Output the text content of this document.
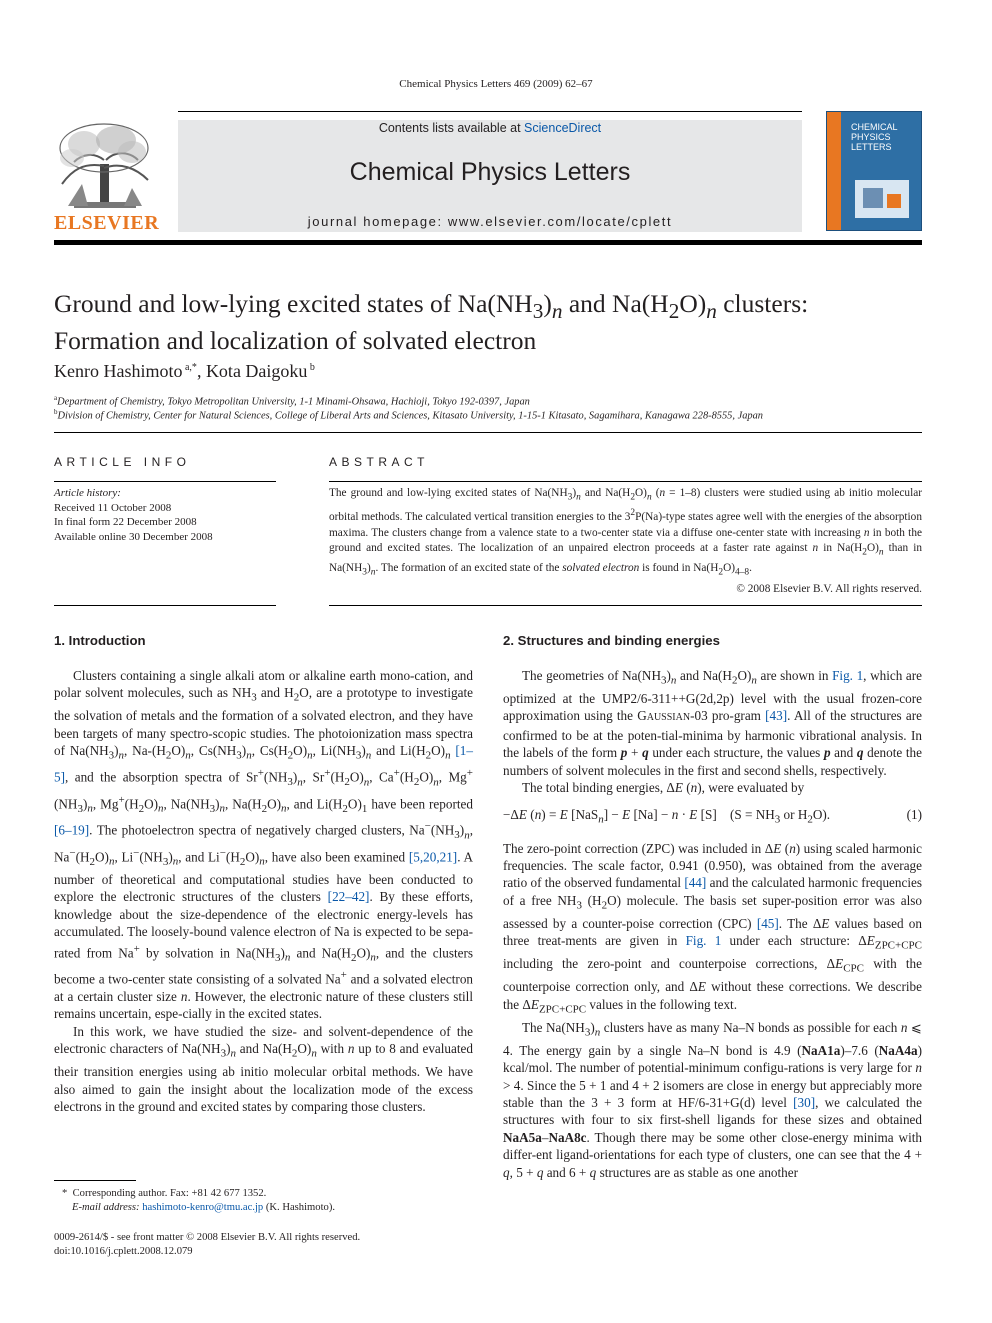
Chemical Physics Letters 469 (2009) 62–67
ELSEVIER
Contents lists available at ScienceDirect
Chemical Physics Letters
journal homepage: www.elsevier.com/locate/cplett
CHEMICAL
PHYSICS
LETTERS
Ground and low-lying excited states of $Na(NH_3)_n$ and $Na(H_2O)_n$ clusters:
Formation and localization of solvated electron
Kenro Hashimoto $^{a,*}$, Kota Daigoku $^b$
$^a$Department of Chemistry, Tokyo Metropolitan University, 1-1 Minami-Ohsawa, Hachioji, Tokyo 192-0397, Japan
$^b$Division of Chemistry, Center for Natural Sciences, College of Liberal Arts and Sciences, Kitasato University, 1-15-1 Kitasato, Sagamihara, Kanagawa 228-8555, Japan
ARTICLE INFO
Article history:
Received 11 October 2008
In final form 22 December 2008
Available online 30 December 2008
ABSTRACT
The ground and low-lying excited states of $Na(NH_3)_n$ and $Na(H_2O)_n$ (n = 1–8) clusters were studied using ab initio molecular orbital methods. The calculated vertical transition energies to the $3^2P(Na)$-type states agree well with the energies of the absorption maxima. The clusters change from a valence state to a two-center state via a diffuse one-center state with increasing n in both the ground and excited states. The localization of an unpaired electron proceeds at a faster rate against n in $Na(H_2O)_n$ than in $Na(NH_3)_n$. The formation of an excited state of the solvated electron is found in $Na(H_2O)_{4-8}$.
© 2008 Elsevier B.V. All rights reserved.
1. Introduction

Clusters containing a single alkali atom or alkaline earth mono-cation, and polar solvent molecules, such as $NH_3$ and $H_2O$, are a prototype to investigate the solvation of metals and the formation of a solvated electron, and they have been targets of many spectro-scopic studies. The photoionization mass spectra of $Na(NH_3)_n$, $Na-(H_2O)_n$, $Cs(NH_3)_n$, $Cs(H_2O)_n$, $Li(NH_3)_n$ and $Li(H_2O)_n$ [1–5], and the absorption spectra of $Sr^+(NH_3)_n$, $Sr^+(H_2O)_n$, $Ca^+(H_2O)_n$, $Mg^+(NH_3)_n$, $Mg^+(H_2O)_n$, $Na(NH_3)_n$, $Na(H_2O)_n$, and $Li(H_2O)_1$ have been reported [6–19]. The photoelectron spectra of negatively charged clusters, $Na^-(NH_3)_n$, $Na^-(H_2O)_n$, $Li^-(NH_3)_n$, and $Li^-(H_2O)_n$, have also been examined [5,20,21]. A number of theoretical and computational studies have been conducted to explore the electronic structures of the clusters [22–42]. By these efforts, knowledge about the size-dependence of the electronic energy-levels has accumulated. The loosely-bound valence electron of Na is expected to be sepa-rated from Na+ by solvation in $Na(NH_3)_n$ and $Na(H_2O)_n$, and the clusters become a two-center state consisting of a solvated Na+ and a solvated electron at a certain cluster size n. However, the electronic nature of these clusters still remains uncertain, espe-cially in the excited states.

In this work, we have studied the size- and solvent-dependence of the electronic characters of $Na(NH_3)_n$ and $Na(H_2O)_n$ with n up to 8 and evaluated their transition energies using ab initio molecular orbital methods. We have also aimed to gain the insight about the localization mode of the excess electrons in the ground and excited states by comparing those clusters.

2. Structures and binding energies

The geometries of $Na(NH_3)_n$ and $Na(H_2O)_n$ are shown in Fig. 1, which are optimized at the UMP2/6-311++G(2d,2p) level with the usual frozen-core approximation using the GAUSSIAN-03 pro-gram [43]. All of the structures are confirmed to be at the poten-tial-minima by harmonic vibrational analysis. In the labels of the form p + q under each structure, the values p and q denote the numbers of solvent molecules in the first and second shells, respectively.

The total binding energies, ΔE (n), were evaluated by

−ΔE (n) = E [NaS$_n$] − E [Na] − n · E [S]    ($S = NH_3$ or $H_2O$).	(1)

The zero-point correction (ZPC) was included in ΔE (n) using scaled harmonic frequencies. The scale factor, 0.941 (0.950), was obtained from the average ratio of the observed fundamental [44] and the calculated harmonic frequencies of a free $NH_3$ $(H_2O)$ molecule. The basis set super-position error was also assessed by a counter-poise correction (CPC) [45]. The ΔE values based on three treat-ments are given in Fig. 1 under each structure: $\Delta E_{ZPC+CPC}$ including the zero-point and counterpoise corrections, $\Delta E_{CPC}$ with the counterpoise correction only, and ΔE without these corrections. We describe the $\Delta E_{ZPC+CPC}$ values in the following text.

The $Na(NH_3)_n$ clusters have as many Na–N bonds as possible for each n ⩽ 4. The energy gain by a single Na–N bond is 4.9 (NaA1a)–7.6 (NaA4a) kcal/mol. The number of potential-minimum configu-rations is very large for n > 4. Since the 5 + 1 and 4 + 2 isomers are close in energy but appreciably more stable than the 3 + 3 form at HF/6-31+G(d) level [30], we calculated the structures with four to six first-shell ligands for these sizes and obtained NaA5a–NaA8c. Though there may be some other close-energy minima with differ-ent ligand-orientations for each type of clusters, one can see that the 4 + q, 5 + q and 6 + q structures are as stable as one another

*  Corresponding author. Fax: +81 42 677 1352.
E-mail address: hashimoto-kenro@tmu.ac.jp (K. Hashimoto).
0009-2614/$ - see front matter © 2008 Elsevier B.V. All rights reserved.
doi:10.1016/j.cplett.2008.12.079
